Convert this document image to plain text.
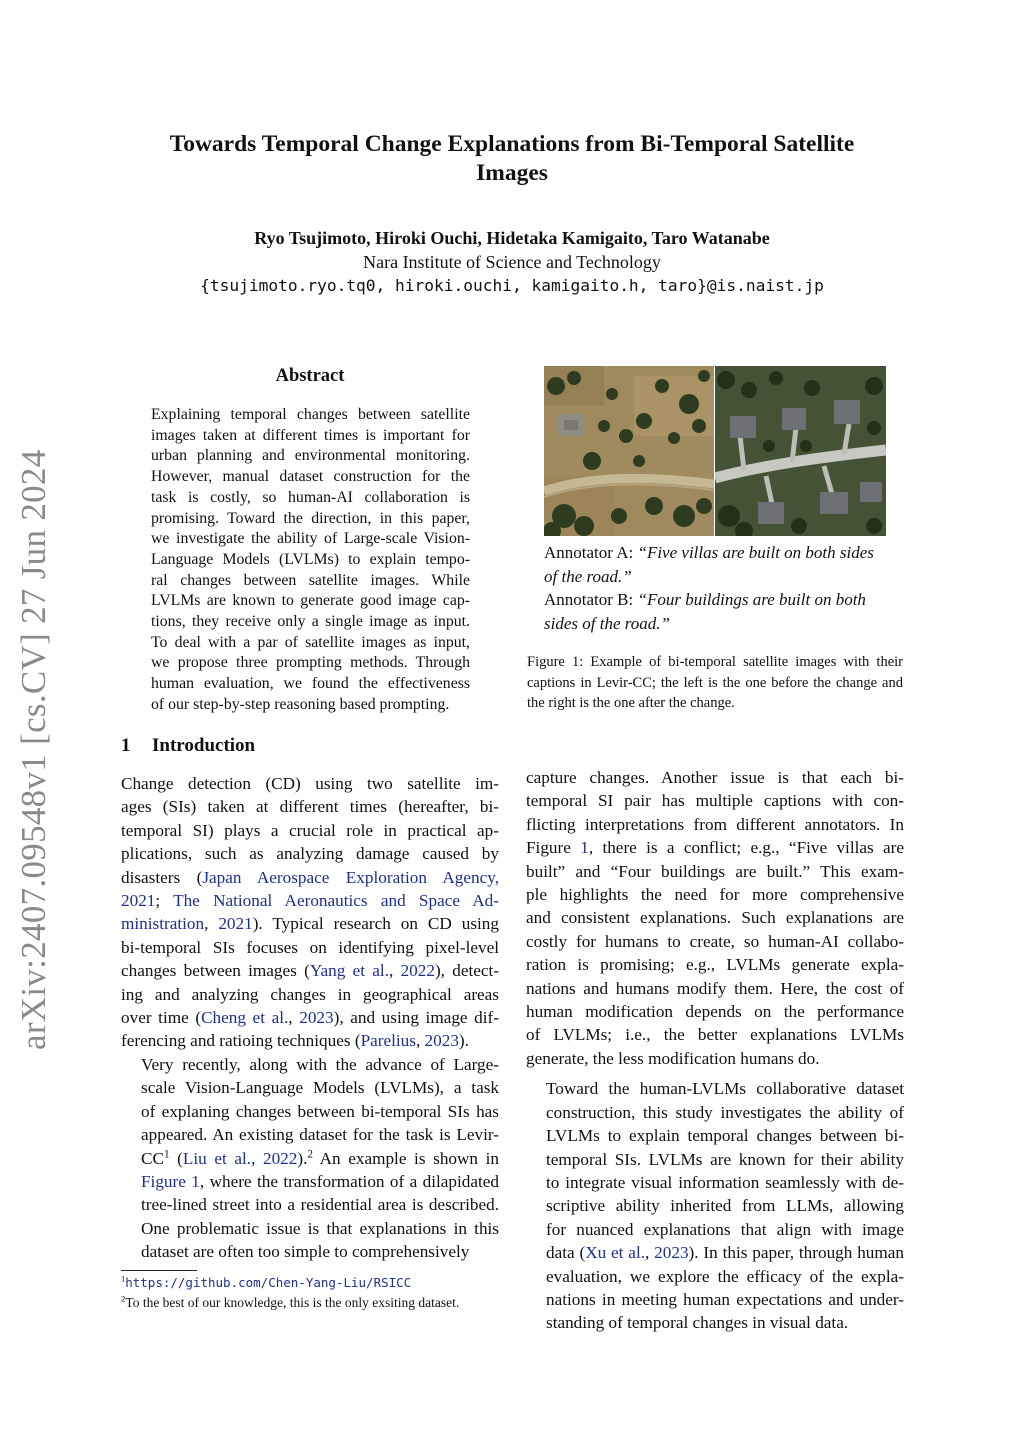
arXiv:2407.09548v1 [cs.CV] 27 Jun 2024
Towards Temporal Change Explanations from Bi-Temporal Satellite
Images
Ryo Tsujimoto, Hiroki Ouchi, Hidetaka Kamigaito, Taro Watanabe
Nara Institute of Science and Technology
{tsujimoto.ryo.tq0, hiroki.ouchi, kamigaito.h, taro}@is.naist.jp
Abstract
Explaining temporal changes between satellite
images taken at different times is important for
urban planning and environmental monitoring.
However, manual dataset construction for the
task is costly, so human-AI collaboration is
promising. Toward the direction, in this paper,
we investigate the ability of Large-scale Vision-
Language Models (LVLMs) to explain tempo-
ral changes between satellite images. While
LVLMs are known to generate good image cap-
tions, they receive only a single image as input.
To deal with a par of satellite images as input,
we propose three prompting methods. Through
human evaluation, we found the effectiveness
of our step-by-step reasoning based prompting.
Annotator A: “Five villas are built on both sides of the road.”
Annotator B: “Four buildings are built on both sides of the road.”
Figure 1: Example of bi-temporal satellite images with their captions in Levir-CC; the left is the one before the change and the right is the one after the change.
1 Introduction

Change detection (CD) using two satellite im-
ages (SIs) taken at different times (hereafter, bi-
temporal SI) plays a crucial role in practical ap-
plications, such as analyzing damage caused by
disasters (Japan Aerospace Exploration Agency,
2021; The National Aeronautics and Space Ad-
ministration, 2021). Typical research on CD using
bi-temporal SIs focuses on identifying pixel-level
changes between images (Yang et al., 2022), detect-
ing and analyzing changes in geographical areas
over time (Cheng et al., 2023), and using image dif-
ferencing and ratioing techniques (Parelius, 2023).

Very recently, along with the advance of Large-
scale Vision-Language Models (LVLMs), a task
of explaning changes between bi-temporal SIs has
appeared. An existing dataset for the task is Levir-
$CC^1$ (Liu et al., 2022).$^2$ An example is shown in
Figure 1, where the transformation of a dilapidated
tree-lined street into a residential area is described.
One problematic issue is that explanations in this
dataset are often too simple to comprehensively

capture changes. Another issue is that each bi-
temporal SI pair has multiple captions with con-
flicting interpretations from different annotators. In
Figure 1, there is a conflict; e.g., “Five villas are
built” and “Four buildings are built.” This exam-
ple highlights the need for more comprehensive
and consistent explanations. Such explanations are
costly for humans to create, so human-AI collabo-
ration is promising; e.g., LVLMs generate expla-
nations and humans modify them. Here, the cost of
human modification depends on the performance
of LVLMs; i.e., the better explanations LVLMs
generate, the less modification humans do.

Toward the human-LVLMs collaborative dataset
construction, this study investigates the ability of
LVLMs to explain temporal changes between bi-
temporal SIs. LVLMs are known for their ability
to integrate visual information seamlessly with de-
scriptive ability inherited from LLMs, allowing
for nuanced explanations that align with image
data (Xu et al., 2023). In this paper, through human
evaluation, we explore the efficacy of the expla-
nations in meeting human expectations and under-
standing of temporal changes in visual data.

$^1$https://github.com/Chen-Yang-Liu/RSICC
$^2$To the best of our knowledge, this is the only exsiting dataset.
